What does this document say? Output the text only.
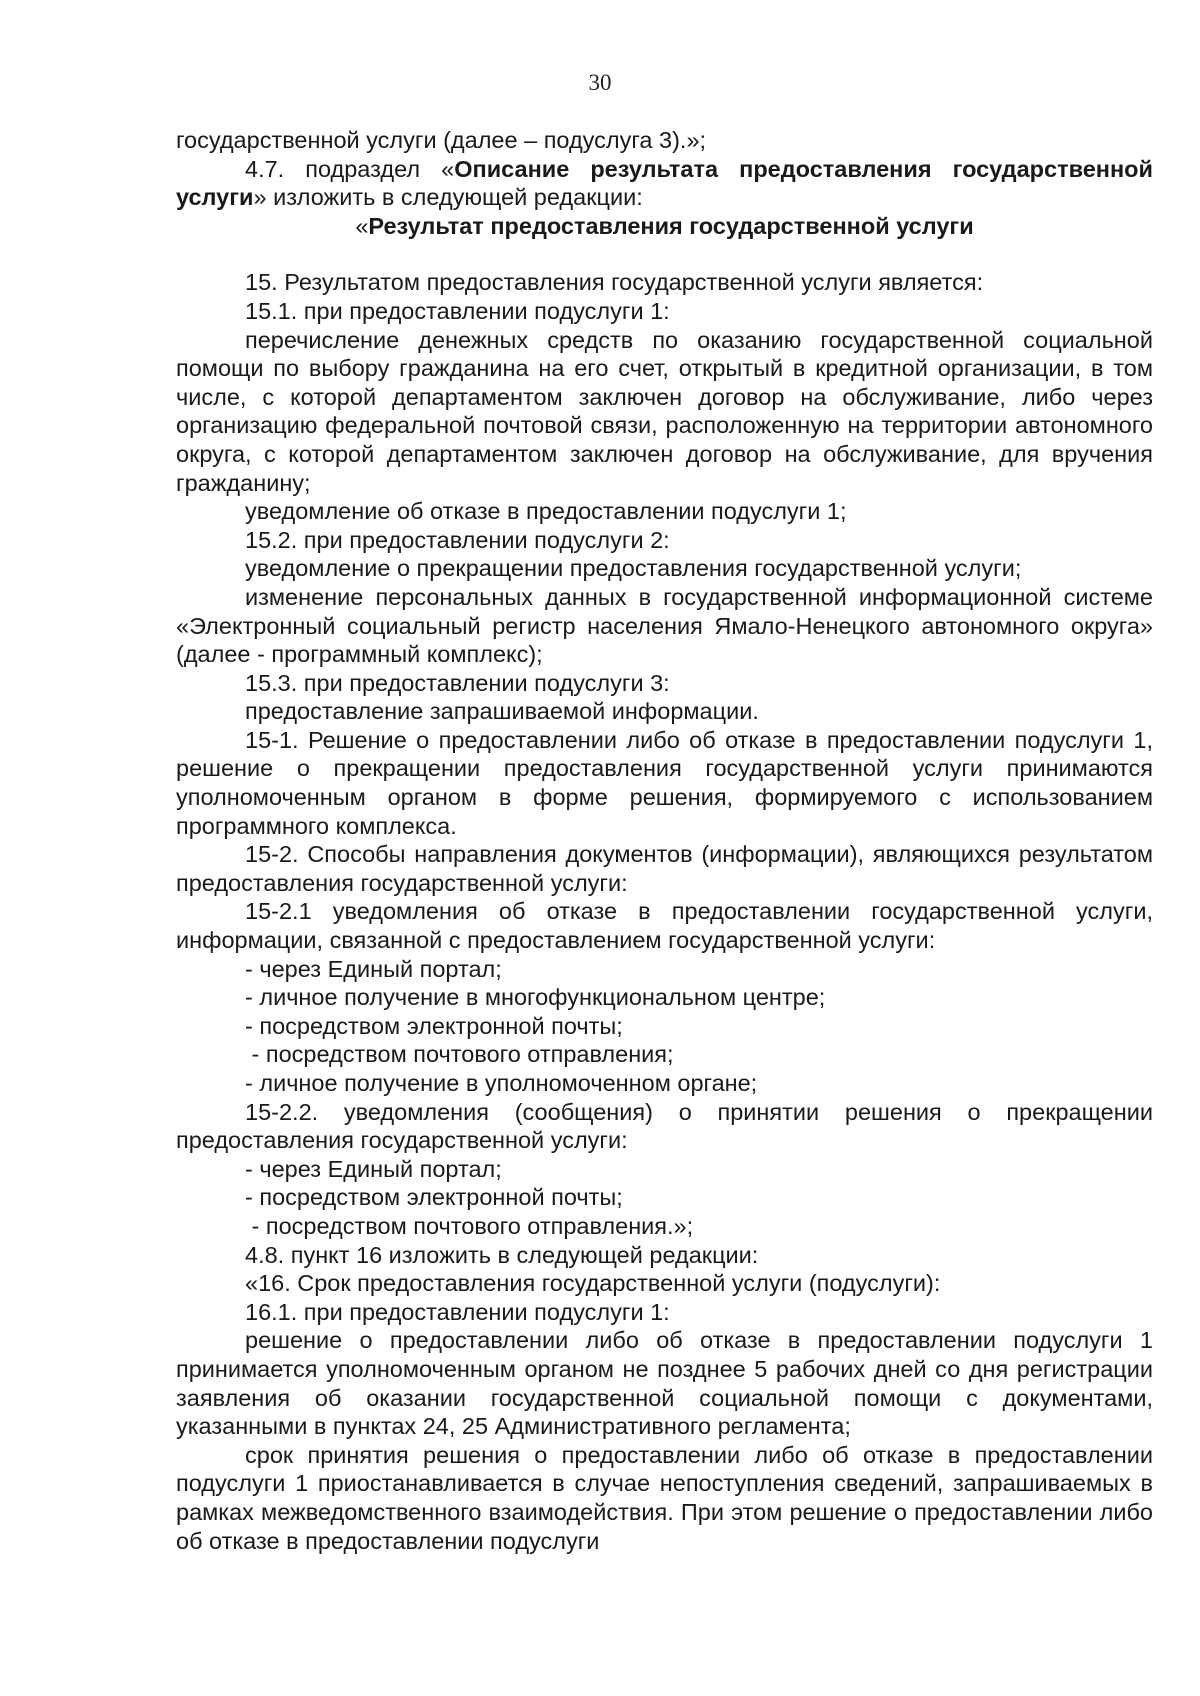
30

государственной услуги (далее – подуслуга 3).»;

4.7. подраздел «Описание результата предоставления государственной услуги» изложить в следующей редакции:

«Результат предоставления государственной услуги

15. Результатом предоставления государственной услуги является:

15.1. при предоставлении подуслуги 1:

перечисление денежных средств по оказанию государственной социальной помощи по выбору гражданина на его счет, открытый в кредитной организации, в том числе, с которой департаментом заключен договор на обслуживание, либо через организацию федеральной почтовой связи, расположенную на территории автономного округа, с которой департаментом заключен договор на обслуживание, для вручения гражданину;

уведомление об отказе в предоставлении подуслуги 1;

15.2. при предоставлении подуслуги 2:

уведомление о прекращении предоставления государственной услуги;

изменение персональных данных в государственной информационной системе «Электронный социальный регистр населения Ямало-Ненецкого автономного округа» (далее - программный комплекс);

15.3. при предоставлении подуслуги 3:

предоставление запрашиваемой информации.

15-1. Решение о предоставлении либо об отказе в предоставлении подуслуги 1, решение о прекращении предоставления государственной услуги принимаются уполномоченным органом в форме решения, формируемого с использованием программного комплекса.

15-2. Способы направления документов (информации), являющихся результатом предоставления государственной услуги:

15-2.1 уведомления об отказе в предоставлении государственной услуги, информации, связанной с предоставлением государственной услуги:

- через Единый портал;

- личное получение в многофункциональном центре;

- посредством электронной почты;

- посредством почтового отправления;

- личное получение в уполномоченном органе;

15-2.2. уведомления (сообщения) о принятии решения о прекращении предоставления государственной услуги:

- через Единый портал;

- посредством электронной почты;

- посредством почтового отправления.»;

4.8. пункт 16 изложить в следующей редакции:

«16. Срок предоставления государственной услуги (подуслуги):

16.1. при предоставлении подуслуги 1:

решение о предоставлении либо об отказе в предоставлении подуслуги 1 принимается уполномоченным органом не позднее 5 рабочих дней со дня регистрации заявления об оказании государственной социальной помощи с документами, указанными в пунктах 24, 25 Административного регламента;

срок принятия решения о предоставлении либо об отказе в предоставлении подуслуги 1 приостанавливается в случае непоступления сведений, запрашиваемых в рамках межведомственного взаимодействия. При этом решение о предоставлении либо об отказе в предоставлении подуслуги
